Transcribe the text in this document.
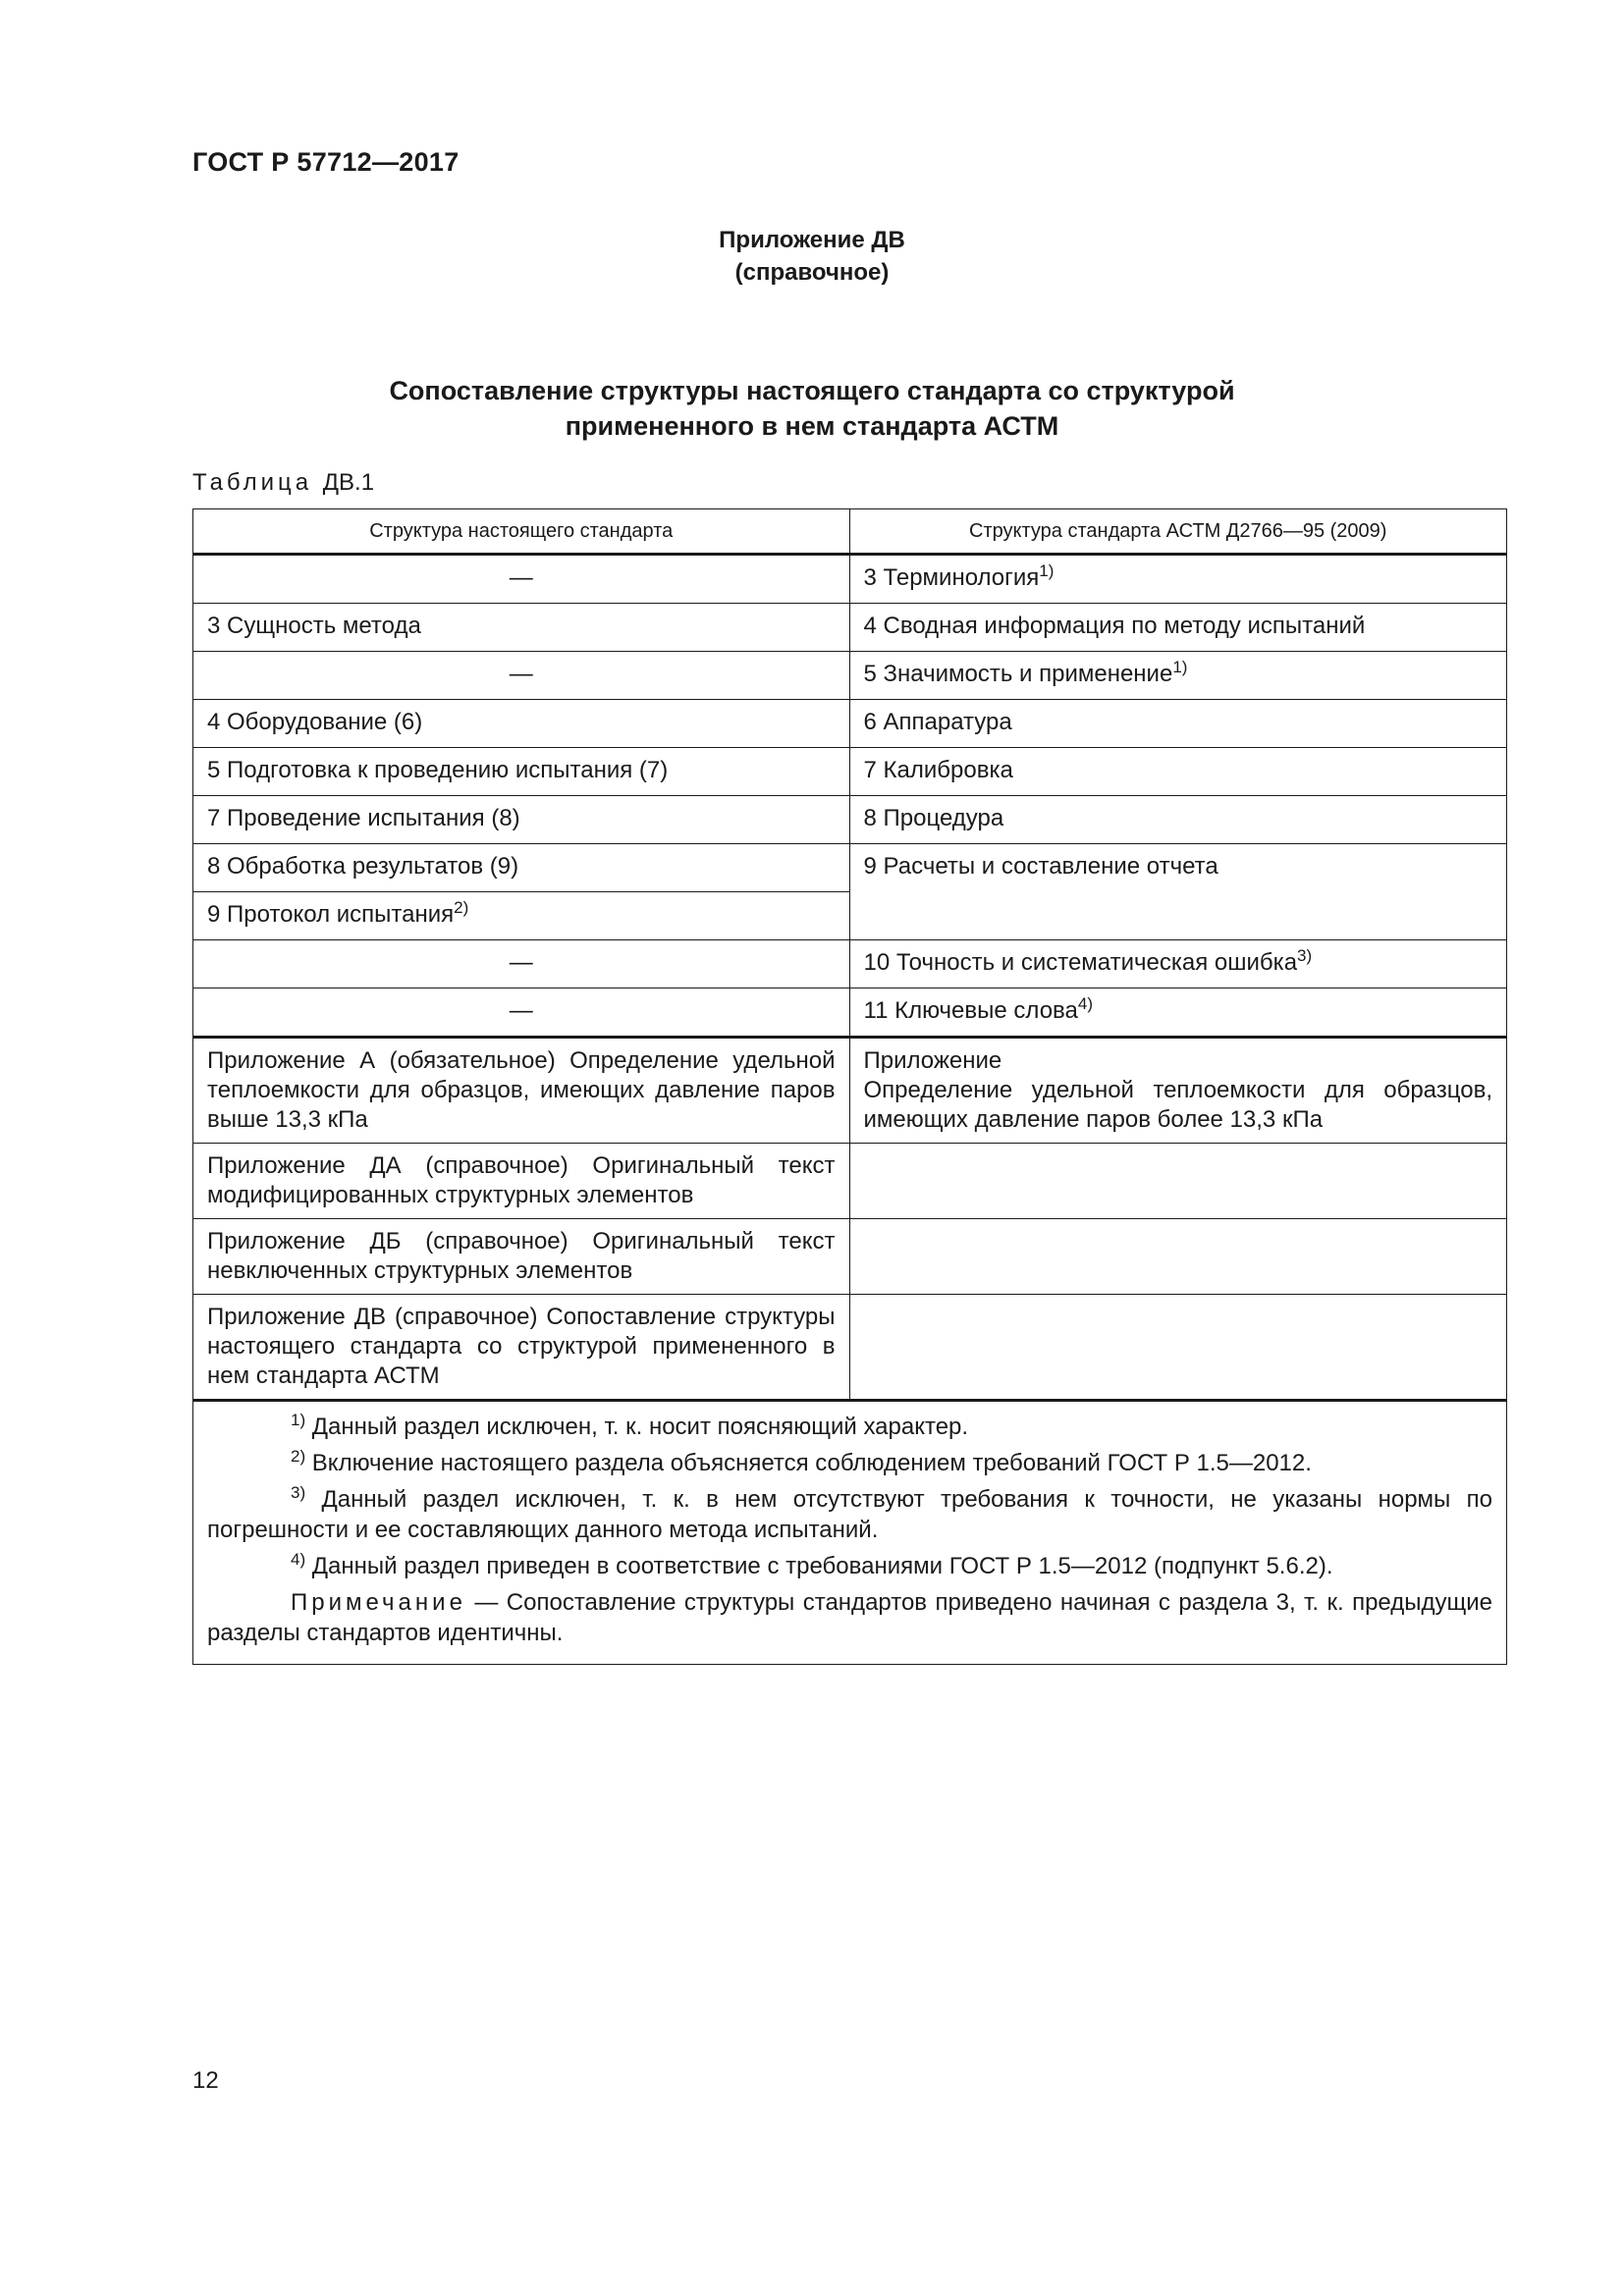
ГОСТ Р 57712—2017
Приложение ДВ
(справочное)
Сопоставление структуры настоящего стандарта со структурой
примененного в нем стандарта АСТМ
Таблица ДВ.1
Структура настоящего стандарта	Структура стандарта АСТМ Д2766—95 (2009)
—	3 Терминология$^{1)}$
3 Сущность метода	4 Сводная информация по методу испытаний
—	5 Значимость и применение$^{1)}$
4 Оборудование (6)	6 Аппаратура
5 Подготовка к проведению испытания (7)	7 Калибровка
7 Проведение испытания (8)	8 Процедура
8 Обработка результатов (9)	9 Расчеты и составление отчета
9 Протокол испытания$^{2)}$
—	10 Точность и систематическая ошибка$^{3)}$
—	11 Ключевые слова$^{4)}$
Приложение А (обязательное) Определение удельной теплоемкости для образцов, имеющих давление паров выше 13,3 кПа	Приложение
Определение удельной теплоемкости для образцов, имеющих давление паров более 13,3 кПа

Приложение ДА (справочное) Оригинальный текст модифицированных структурных элементов	
Приложение ДБ (справочное) Оригинальный текст невключенных структурных элементов	
Приложение ДВ (справочное) Сопоставление структуры настоящего стандарта со структурой примененного в нем стандарта АСТМ	

$^{1)}$ Данный раздел исключен, т. к. носит поясняющий характер.

$^{2)}$ Включение настоящего раздела объясняется соблюдением требований ГОСТ Р 1.5—2012.

$^{3)}$ Данный раздел исключен, т. к. в нем отсутствуют требования к точности, не указаны нормы по погрешности и ее составляющих данного метода испытаний.

$^{4)}$ Данный раздел приведен в соответствие с требованиями ГОСТ Р 1.5—2012 (подпункт 5.6.2).

Примечание — Сопоставление структуры стандартов приведено начиная с раздела 3, т. к. предыдущие разделы стандартов идентичны.	

12
